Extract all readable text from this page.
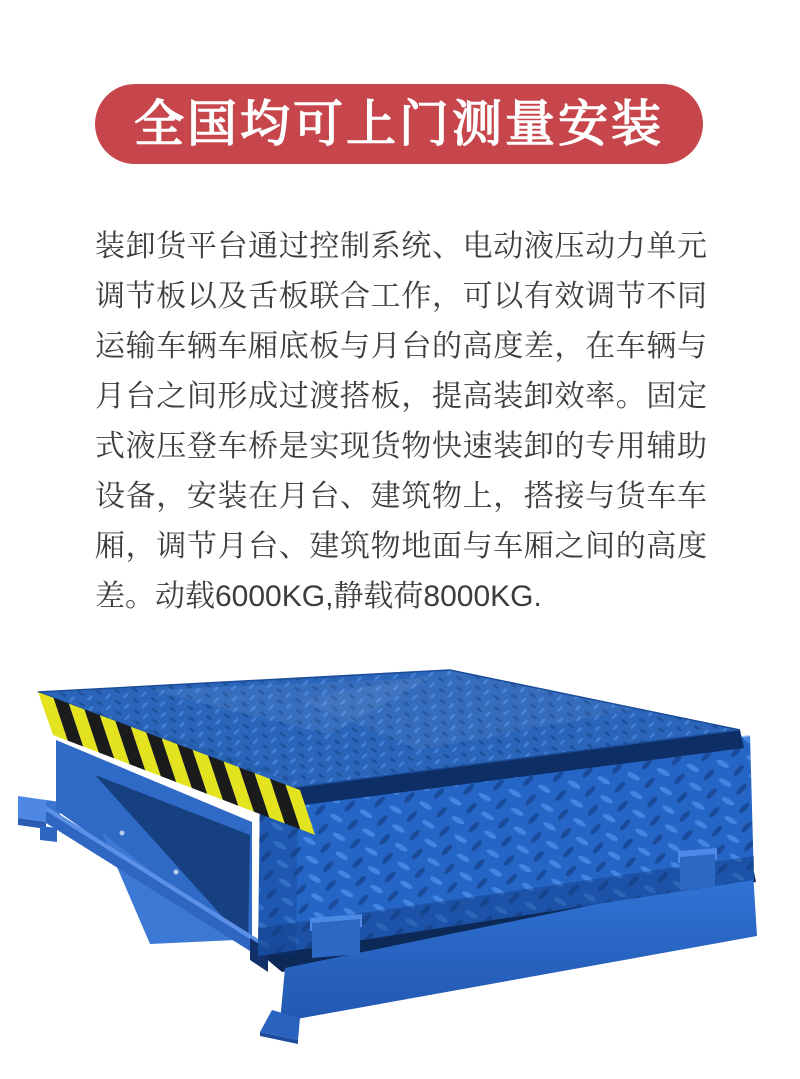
全国均可上门测量安装
装卸货平台通过控制系统、电动液压动力单元
调节板以及舌板联合工作，可以有效调节不同
运输车辆车厢底板与月台的高度差，在车辆与
月台之间形成过渡搭板，提高装卸效率。固定
式液压登车桥是实现货物快速装卸的专用辅助
设备，安装在月台、建筑物上，搭接与货车车
厢，调节月台、建筑物地面与车厢之间的高度
差。动载6000KG,静载荷8000KG.
